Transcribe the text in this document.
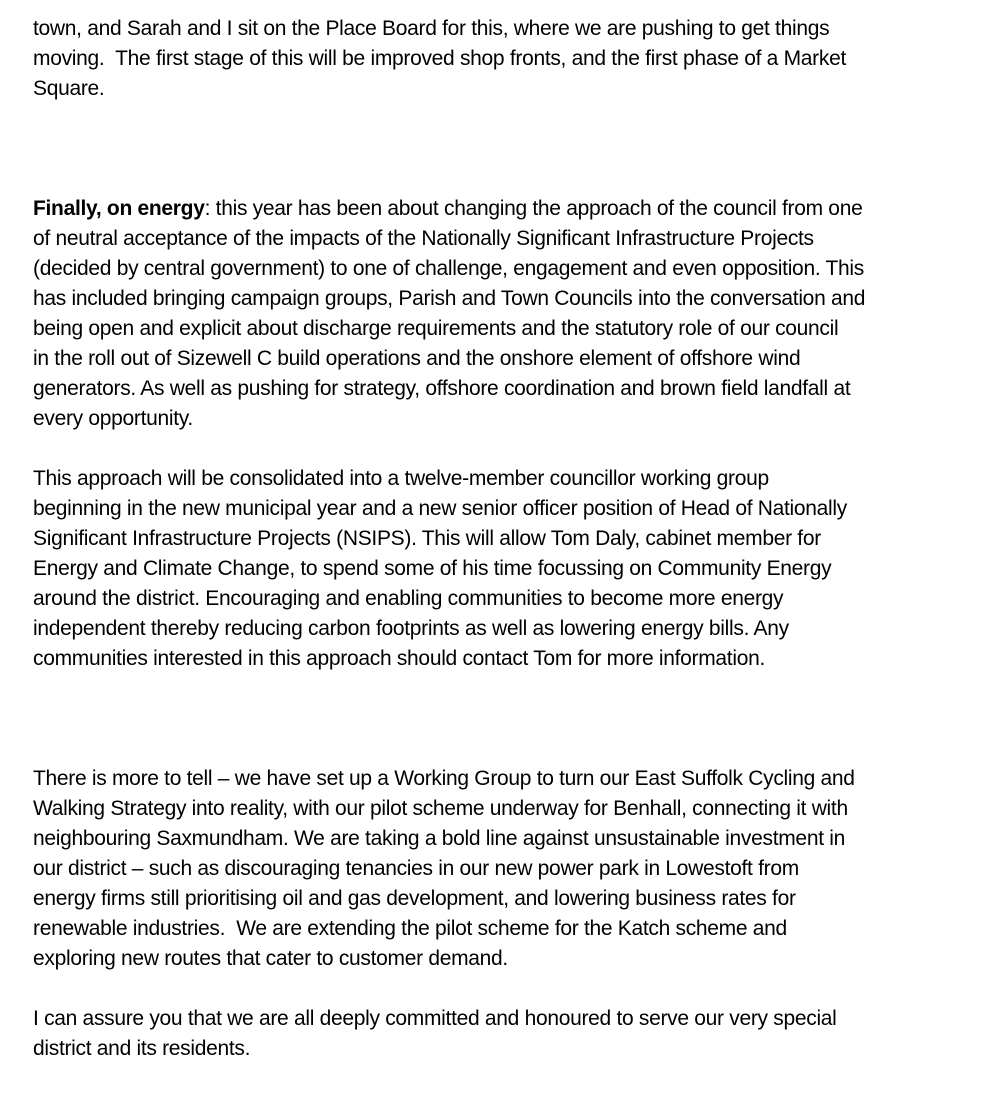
town, and Sarah and I sit on the Place Board for this, where we are pushing to get things
moving.  The first stage of this will be improved shop fronts, and the first phase of a Market
Square.
Finally, on energy: this year has been about changing the approach of the council from one
of neutral acceptance of the impacts of the Nationally Significant Infrastructure Projects
(decided by central government) to one of challenge, engagement and even opposition. This
has included bringing campaign groups, Parish and Town Councils into the conversation and
being open and explicit about discharge requirements and the statutory role of our council
in the roll out of Sizewell C build operations and the onshore element of offshore wind
generators. As well as pushing for strategy, offshore coordination and brown field landfall at
every opportunity.
This approach will be consolidated into a twelve-member councillor working group
beginning in the new municipal year and a new senior officer position of Head of Nationally
Significant Infrastructure Projects (NSIPS). This will allow Tom Daly, cabinet member for
Energy and Climate Change, to spend some of his time focussing on Community Energy
around the district. Encouraging and enabling communities to become more energy
independent thereby reducing carbon footprints as well as lowering energy bills. Any
communities interested in this approach should contact Tom for more information.
There is more to tell – we have set up a Working Group to turn our East Suffolk Cycling and
Walking Strategy into reality, with our pilot scheme underway for Benhall, connecting it with
neighbouring Saxmundham. We are taking a bold line against unsustainable investment in
our district – such as discouraging tenancies in our new power park in Lowestoft from
energy firms still prioritising oil and gas development, and lowering business rates for
renewable industries.  We are extending the pilot scheme for the Katch scheme and
exploring new routes that cater to customer demand.
I can assure you that we are all deeply committed and honoured to serve our very special
district and its residents.
